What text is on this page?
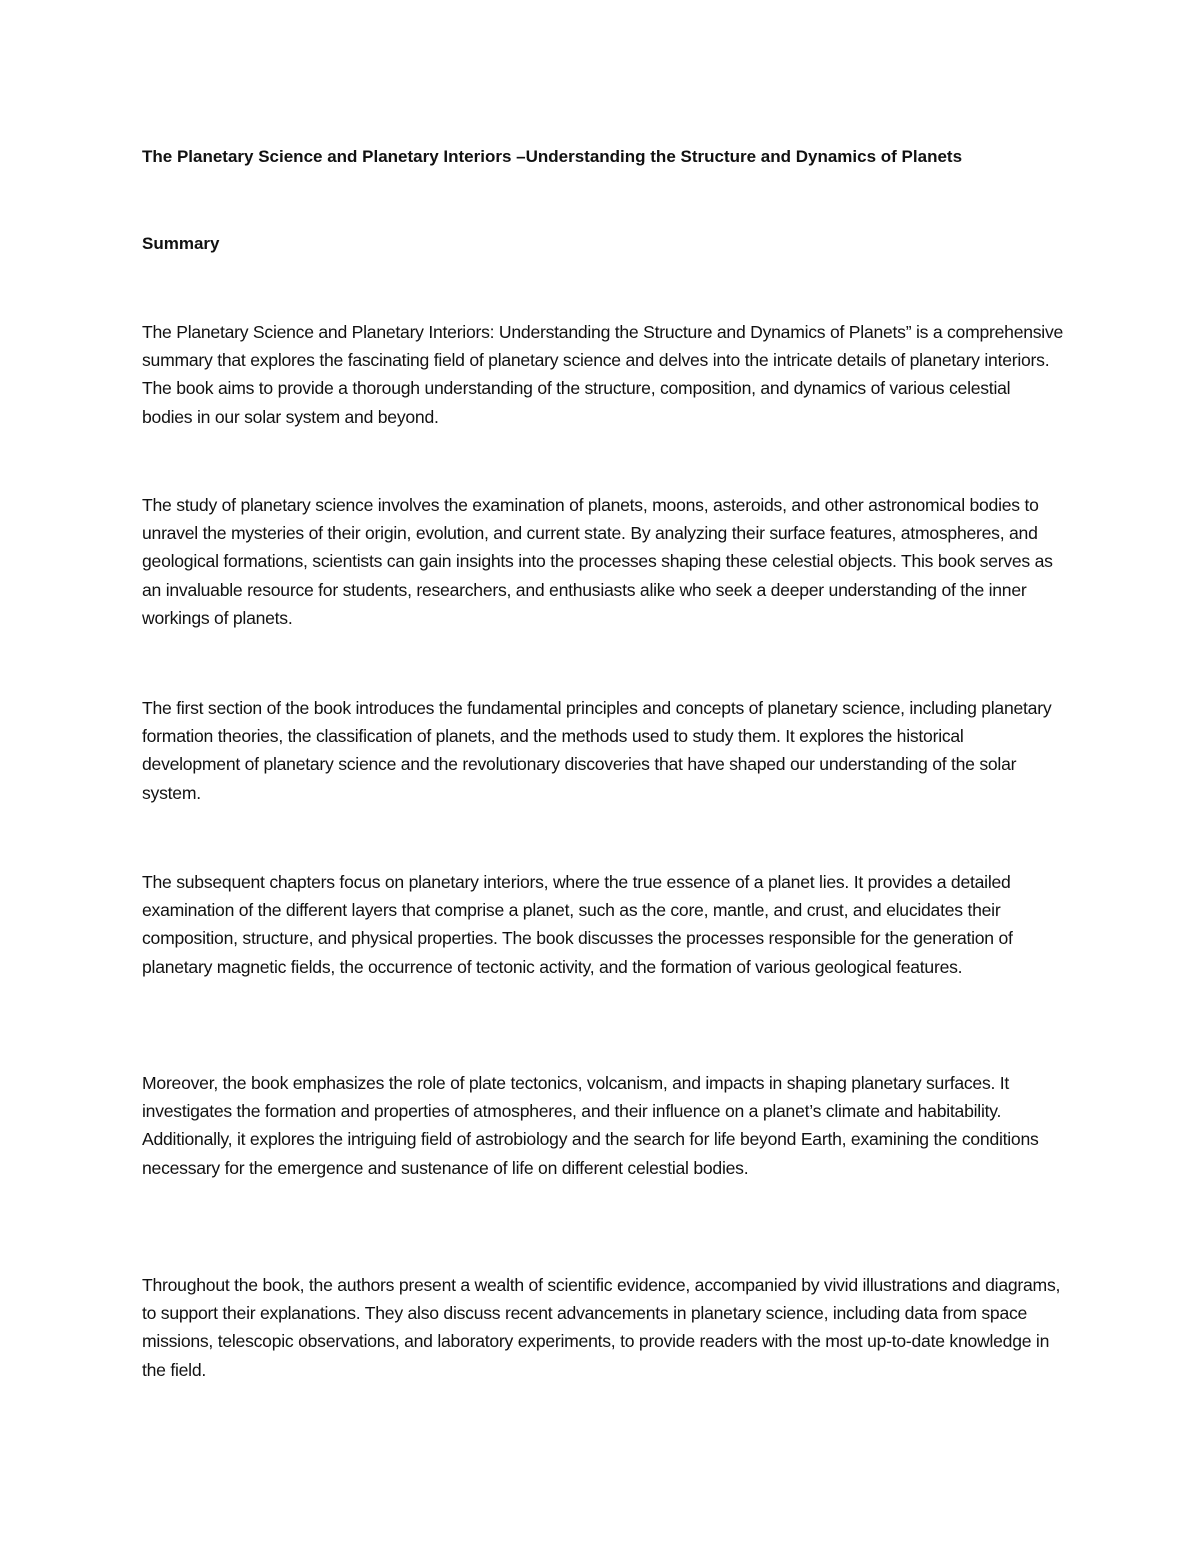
The Planetary Science and Planetary Interiors –Understanding the Structure and Dynamics of Planets
Summary

The Planetary Science and Planetary Interiors: Understanding the Structure and Dynamics of Planets” is a comprehensive summary that explores the fascinating field of planetary science and delves into the intricate details of planetary interiors. The book aims to provide a thorough understanding of the structure, composition, and dynamics of various celestial bodies in our solar system and beyond.

The study of planetary science involves the examination of planets, moons, asteroids, and other astronomical bodies to unravel the mysteries of their origin, evolution, and current state. By analyzing their surface features, atmospheres, and geological formations, scientists can gain insights into the processes shaping these celestial objects. This book serves as an invaluable resource for students, researchers, and enthusiasts alike who seek a deeper understanding of the inner workings of planets.

The first section of the book introduces the fundamental principles and concepts of planetary science, including planetary formation theories, the classification of planets, and the methods used to study them. It explores the historical development of planetary science and the revolutionary discoveries that have shaped our understanding of the solar system.

The subsequent chapters focus on planetary interiors, where the true essence of a planet lies. It provides a detailed examination of the different layers that comprise a planet, such as the core, mantle, and crust, and elucidates their composition, structure, and physical properties. The book discusses the processes responsible for the generation of planetary magnetic fields, the occurrence of tectonic activity, and the formation of various geological features.

Moreover, the book emphasizes the role of plate tectonics, volcanism, and impacts in shaping planetary surfaces. It investigates the formation and properties of atmospheres, and their influence on a planet’s climate and habitability. Additionally, it explores the intriguing field of astrobiology and the search for life beyond Earth, examining the conditions necessary for the emergence and sustenance of life on different celestial bodies.

Throughout the book, the authors present a wealth of scientific evidence, accompanied by vivid illustrations and diagrams, to support their explanations. They also discuss recent advancements in planetary science, including data from space missions, telescopic observations, and laboratory experiments, to provide readers with the most up-to-date knowledge in the field.
